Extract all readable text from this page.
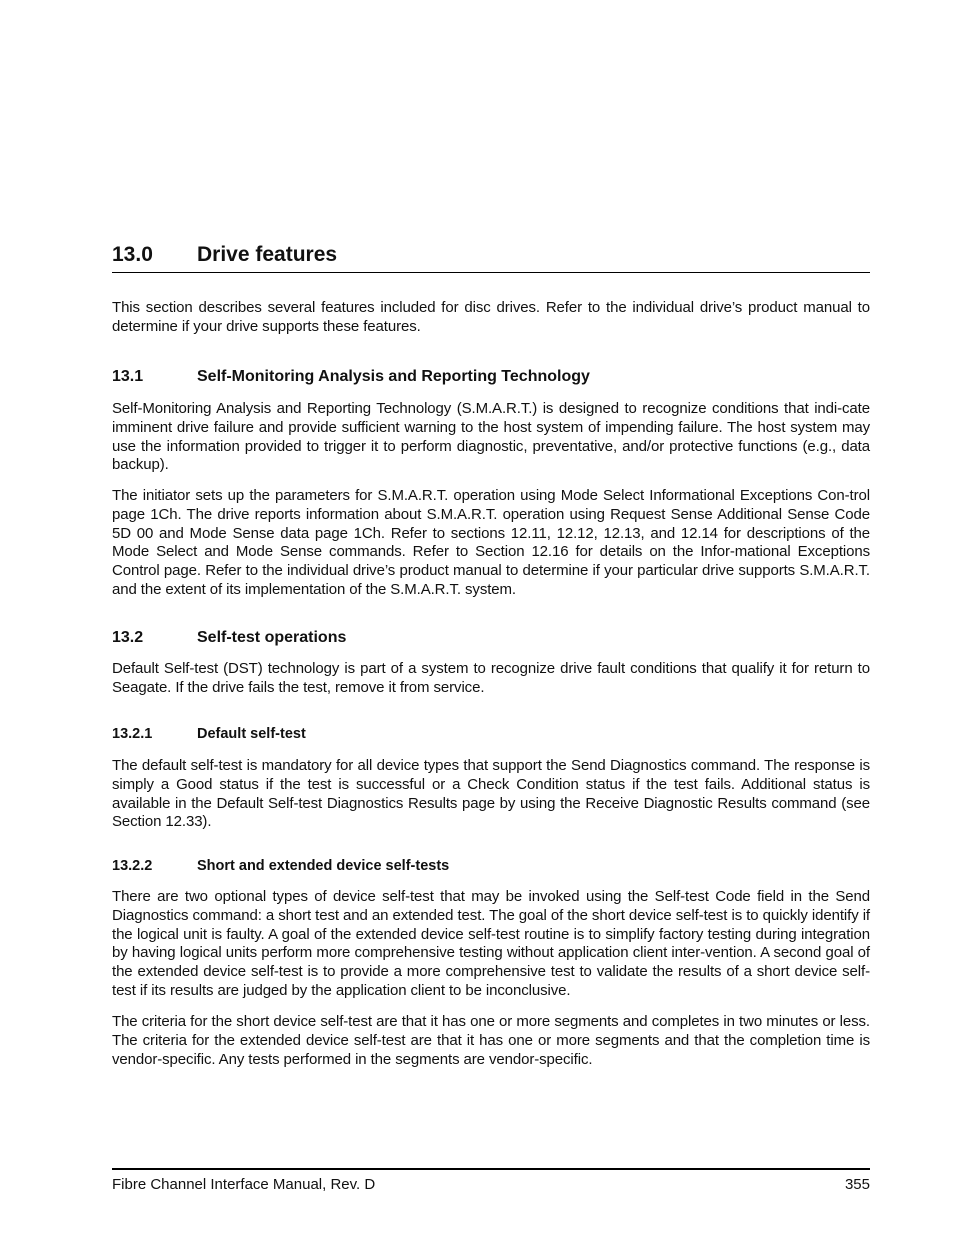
13.0 Drive features

This section describes several features included for disc drives. Refer to the individual drive’s product manual to determine if your drive supports these features.

13.1	Self-Monitoring Analysis and Reporting Technology

Self-Monitoring Analysis and Reporting Technology (S.M.A.R.T.) is designed to recognize conditions that indi-cate imminent drive failure and provide sufficient warning to the host system of impending failure. The host system may use the information provided to trigger it to perform diagnostic, preventative, and/or protective functions (e.g., data backup).

The initiator sets up the parameters for S.M.A.R.T. operation using Mode Select Informational Exceptions Con-trol page 1Ch. The drive reports information about S.M.A.R.T. operation using Request Sense Additional Sense Code 5D 00 and Mode Sense data page 1Ch. Refer to sections 12.11, 12.12, 12.13, and 12.14 for descriptions of the Mode Select and Mode Sense commands. Refer to Section 12.16 for details on the Infor-mational Exceptions Control page. Refer to the individual drive’s product manual to determine if your particular drive supports S.M.A.R.T. and the extent of its implementation of the S.M.A.R.T. system.

13.2	Self-test operations

Default Self-test (DST) technology is part of a system to recognize drive fault conditions that qualify it for return to Seagate. If the drive fails the test, remove it from service.

13.2.1	Default self-test

The default self-test is mandatory for all device types that support the Send Diagnostics command. The response is simply a Good status if the test is successful or a Check Condition status if the test fails. Additional status is available in the Default Self-test Diagnostics Results page by using the Receive Diagnostic Results command (see Section 12.33).

13.2.2	Short and extended device self-tests

There are two optional types of device self-test that may be invoked using the Self-test Code field in the Send Diagnostics command: a short test and an extended test. The goal of the short device self-test is to quickly identify if the logical unit is faulty. A goal of the extended device self-test routine is to simplify factory testing during integration by having logical units perform more comprehensive testing without application client inter-vention. A second goal of the extended device self-test is to provide a more comprehensive test to validate the results of a short device self-test if its results are judged by the application client to be inconclusive.

The criteria for the short device self-test are that it has one or more segments and completes in two minutes or less. The criteria for the extended device self-test are that it has one or more segments and that the completion time is vendor-specific. Any tests performed in the segments are vendor-specific.

Fibre Channel Interface Manual, Rev. D	355
